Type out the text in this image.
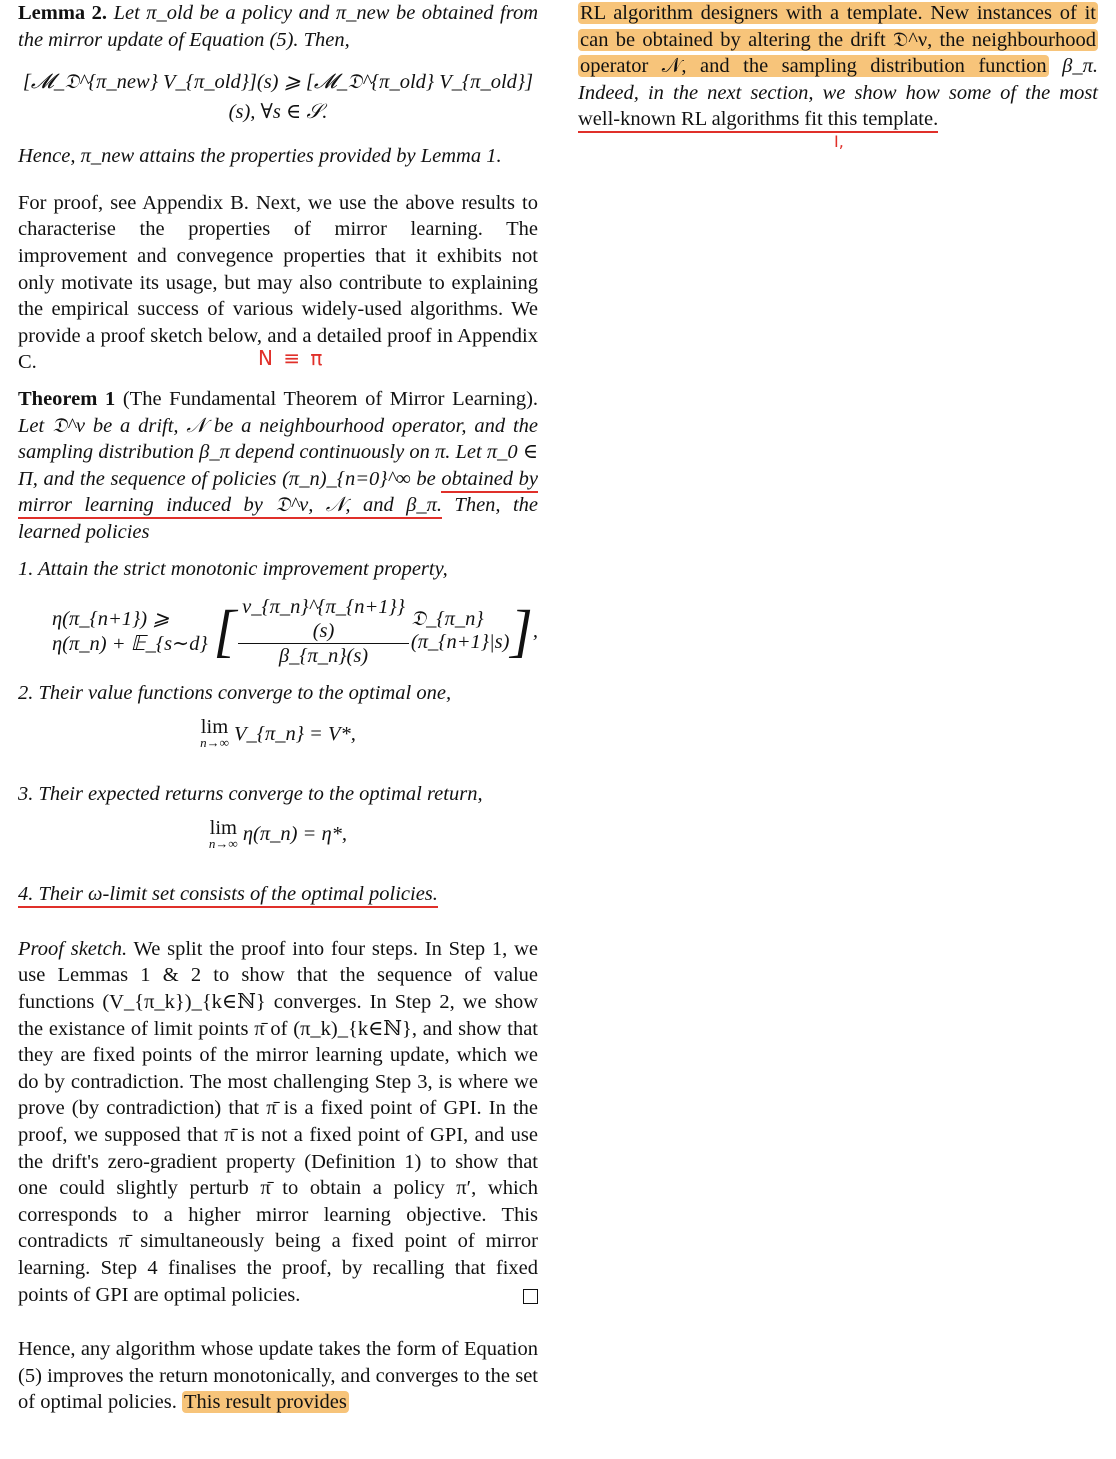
Lemma 2. Let π_old be a policy and π_new be obtained from the mirror update of Equation (5). Then,

[𝓜_𝔇^{π_new} V_{π_old}](s) ⩾ [𝓜_𝔇^{π_old} V_{π_old}](s), ∀s ∈ 𝒮.

Hence, π_new attains the properties provided by Lemma 1.

For proof, see Appendix B. Next, we use the above results to characterise the properties of mirror learning. The improvement and convegence properties that it exhibits not only motivate its usage, but may also contribute to explaining the empirical success of various widely-used algorithms. We provide a proof sketch below, and a detailed proof in Appendix C.

Theorem 1 (The Fundamental Theorem of Mirror Learning). Let 𝔇^ν be a drift, 𝒩 be a neighbourhood operator, and the sampling distribution β_π depend continuously on π. Let π_0 ∈ Π, and the sequence of policies (π_n)_{n=0}^∞ be obtained by mirror learning induced by 𝔇^ν, 𝒩, and β_π. Then, the learned policies

1. Attain the strict monotonic improvement property,

η(π_{n+1}) ⩾ η(π_n) + 𝔼_{s∼d} [ $\frac{\nu\_\{\pi\_n\}\^{}\{\pi\_\{n+1\}\}(s)}{\beta\_\{\pi\_n\}(s)}$ 𝔇_{π_n}(π_{n+1}|s) ] ,

2. Their value functions converge to the optimal one,

lim
n→∞ V_{π_n} = V*,

3. Their expected returns converge to the optimal return,

lim
n→∞ η(π_n) = η*,

4. Their ω-limit set consists of the optimal policies.

Proof sketch. We split the proof into four steps. In Step 1, we use Lemmas 1 & 2 to show that the sequence of value functions (V_{π_k})_{k∈ℕ} converges. In Step 2, we show the existance of limit points π̄ of (π_k)_{k∈ℕ}, and show that they are fixed points of the mirror learning update, which we do by contradiction. The most challenging Step 3, is where we prove (by contradiction) that π̄ is a fixed point of GPI. In the proof, we supposed that π̄ is not a fixed point of GPI, and use the drift's zero-gradient property (Definition 1) to show that one could slightly perturb π̄ to obtain a policy π′, which corresponds to a higher mirror learning objective. This contradicts π̄ simultaneously being a fixed point of mirror learning. Step 4 finalises the proof, by recalling that fixed points of GPI are optimal policies.

Hence, any algorithm whose update takes the form of Equation (5) improves the return monotonically, and converges to the set of optimal policies. This result provides

RL algorithm designers with a template. New instances of it can be obtained by altering the drift 𝔇^ν, the neighbourhood operator 𝒩, and the sampling distribution function β_π. Indeed, in the next section, we show how some of the most well-known RL algorithms fit this template.

N ≡ π
I,
